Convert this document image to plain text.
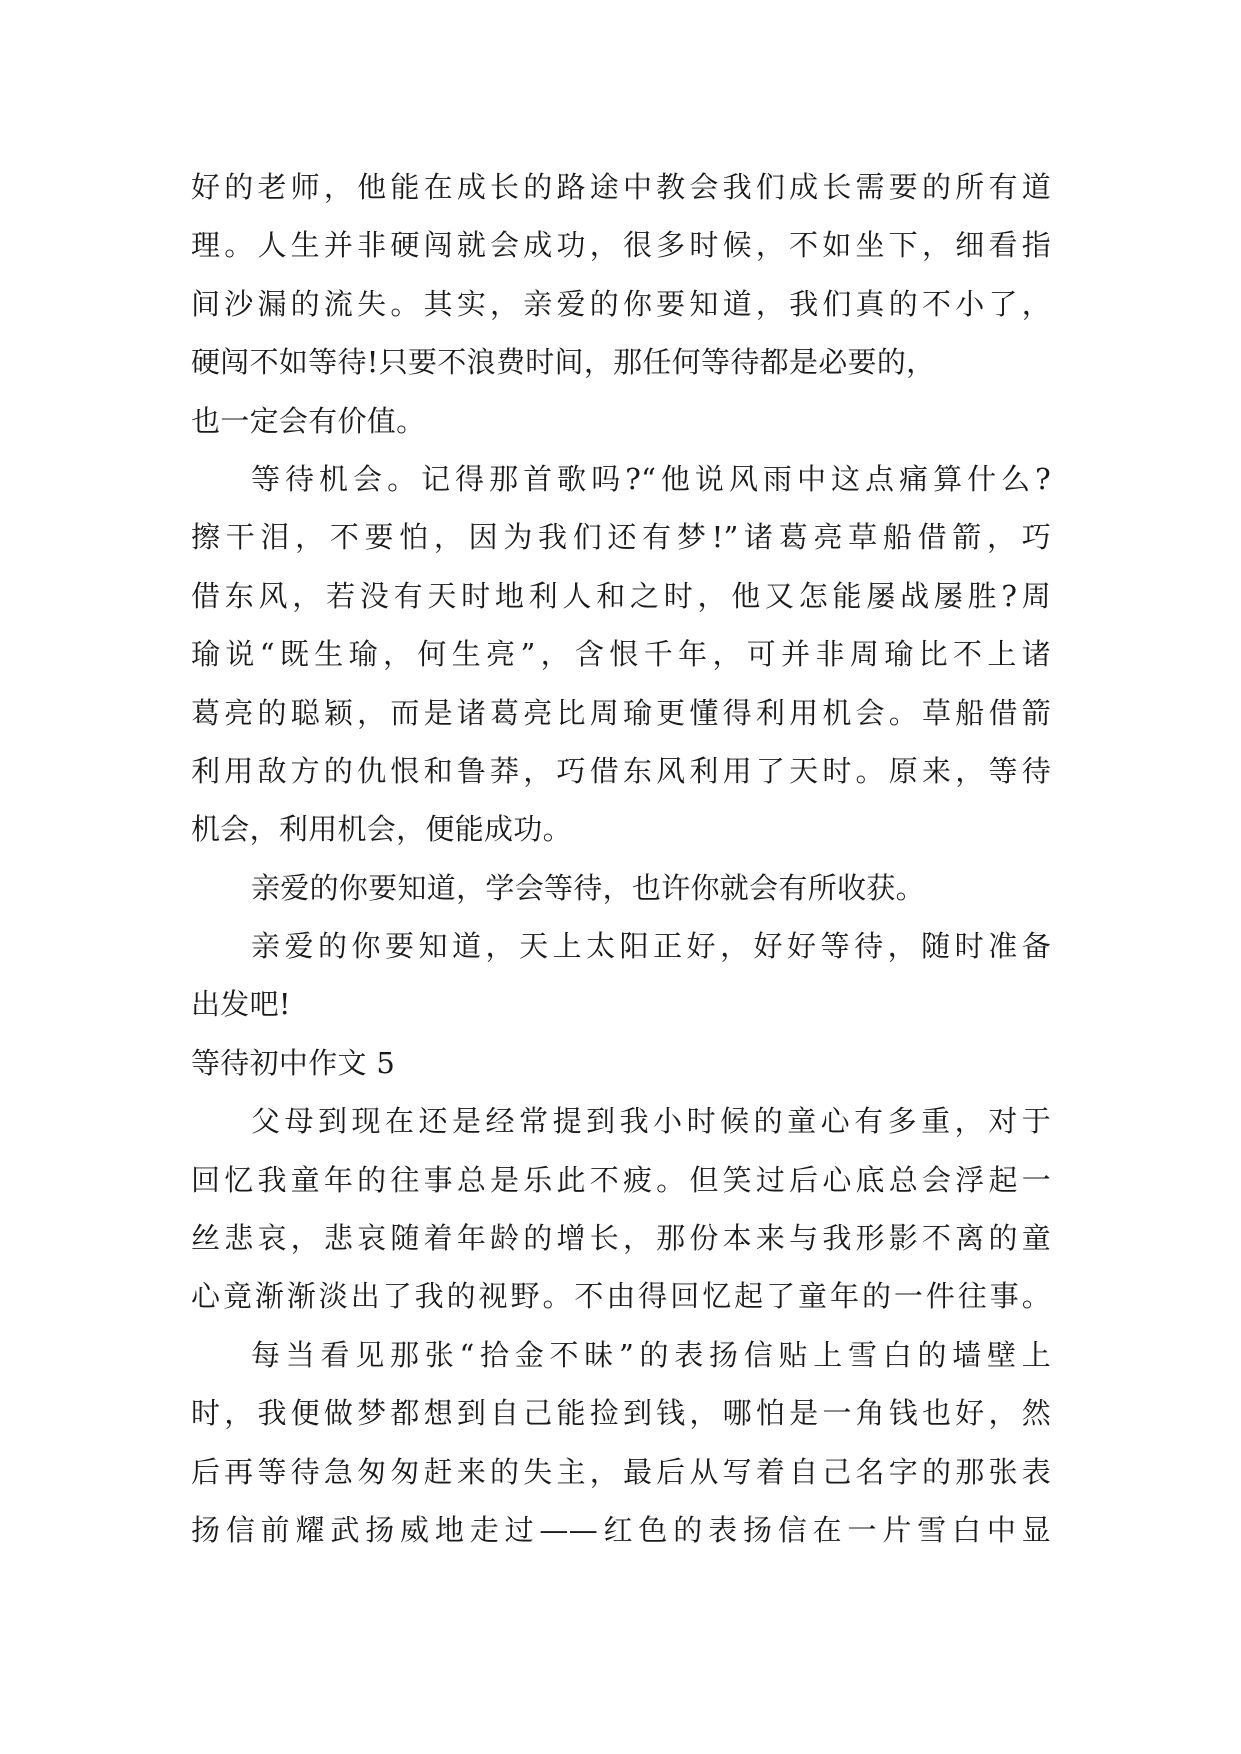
好的老师，他能在成长的路途中教会我们成长需要的所有道
理。人生并非硬闯就会成功，很多时候，不如坐下，细看指
间沙漏的流失。其实，亲爱的你要知道，我们真的不小了，
硬闯不如等待!只要不浪费时间，那任何等待都是必要的，
也一定会有价值。
等待机会。记得那首歌吗?“他说风雨中这点痛算什么?
擦干泪，不要怕，因为我们还有梦!”诸葛亮草船借箭，巧
借东风，若没有天时地利人和之时，他又怎能屡战屡胜?周
瑜说“既生瑜，何生亮”，含恨千年，可并非周瑜比不上诸
葛亮的聪颖，而是诸葛亮比周瑜更懂得利用机会。草船借箭
利用敌方的仇恨和鲁莽，巧借东风利用了天时。原来，等待
机会，利用机会，便能成功。
亲爱的你要知道，学会等待，也许你就会有所收获。
亲爱的你要知道，天上太阳正好，好好等待，随时准备
出发吧!
等待初中作文 5
父母到现在还是经常提到我小时候的童心有多重，对于
回忆我童年的往事总是乐此不疲。但笑过后心底总会浮起一
丝悲哀，悲哀随着年龄的增长，那份本来与我形影不离的童
心竟渐渐淡出了我的视野。不由得回忆起了童年的一件往事。
每当看见那张“拾金不昧”的表扬信贴上雪白的墙壁上
时，我便做梦都想到自己能捡到钱，哪怕是一角钱也好，然
后再等待急匆匆赶来的失主，最后从写着自己名字的那张表
扬信前耀武扬威地走过——红色的表扬信在一片雪白中显
